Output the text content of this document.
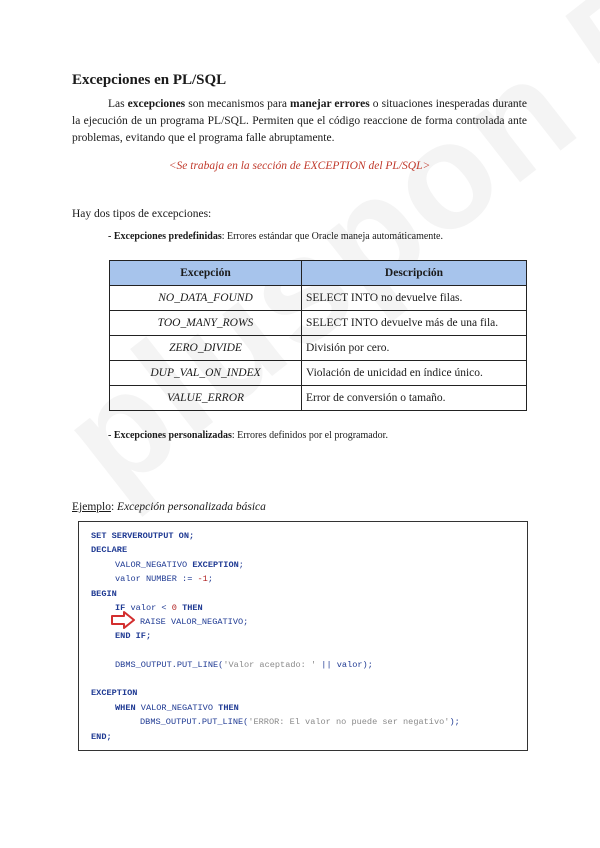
Excepciones en PL/SQL

Las excepciones son mecanismos para manejar errores o situaciones inesperadas durante la ejecución de un programa PL/SQL. Permiten que el código reaccione de forma controlada ante problemas, evitando que el programa falle abruptamente.

<Se trabaja en la sección de EXCEPTION del PL/SQL>

Hay dos tipos de excepciones:

- Excepciones predefinidas: Errores estándar que Oracle maneja automáticamente.

Excepción	Descripción
NO_DATA_FOUND	SELECT INTO no devuelve filas.
TOO_MANY_ROWS	SELECT INTO devuelve más de una fila.
ZERO_DIVIDE	División por cero.
DUP_VAL_ON_INDEX	Violación de unicidad en índice único.
VALUE_ERROR	Error de conversión o tamaño.

- Excepciones personalizadas: Errores definidos por el programador.

Ejemplo: Excepción personalizada básica

SET SERVEROUTPUT ON;
DECLARE
VALOR_NEGATIVO EXCEPTION;
valor NUMBER := -1;
BEGIN
IF valor < 0 THEN
RAISE VALOR_NEGATIVO;
END IF;
DBMS_OUTPUT.PUT_LINE('Valor aceptado: ' || valor);
EXCEPTION
WHEN VALOR_NEGATIVO THEN
DBMS_OUTPUT.PUT_LINE('ERROR: El valor no puede ser negativo');
END;
